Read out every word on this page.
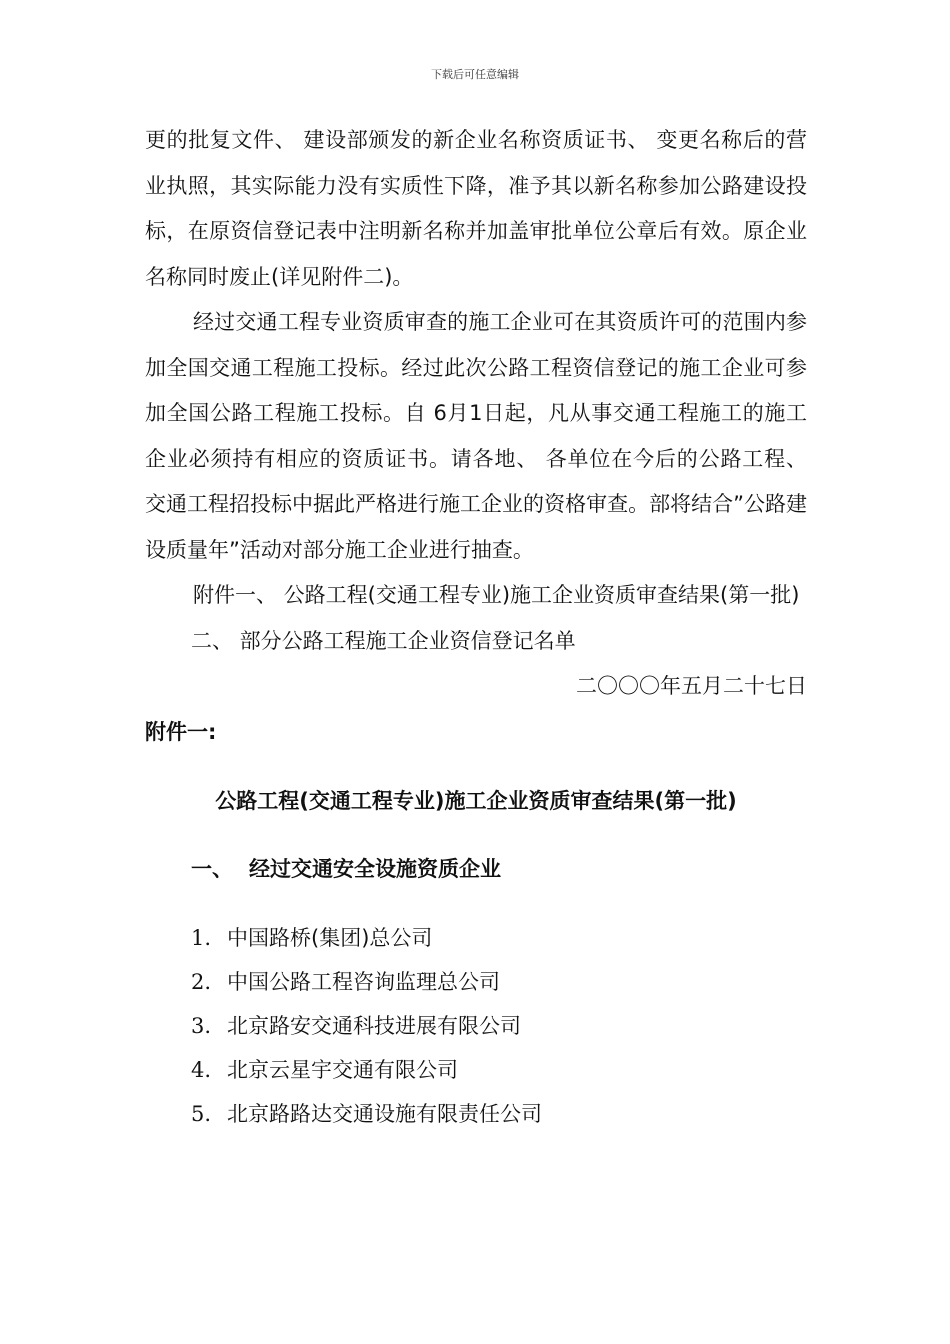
下载后可任意编辑

更的批复文件、 建设部颁发的新企业名称资质证书、 变更名称后的营业执照，其实际能力没有实质性下降，准予其以新名称参加公路建设投标，在原资信登记表中注明新名称并加盖审批单位公章后有效。原企业名称同时废止(详见附件二)。

经过交通工程专业资质审查的施工企业可在其资质许可的范围内参加全国交通工程施工投标。经过此次公路工程资信登记的施工企业可参加全国公路工程施工投标。自 6月1日起，凡从事交通工程施工的施工企业必须持有相应的资质证书。请各地、 各单位在今后的公路工程、 交通工程招投标中据此严格进行施工企业的资格审查。部将结合”公路建设质量年”活动对部分施工企业进行抽查。

附件一、 公路工程(交通工程专业)施工企业资质审查结果(第一批)

二、 部分公路工程施工企业资信登记名单

二〇〇〇年五月二十七日

附件一:

公路工程(交通工程专业)施工企业资质审查结果(第一批)

一、 经过交通安全设施资质企业

1. 中国路桥(集团)总公司
2. 中国公路工程咨询监理总公司
3. 北京路安交通科技进展有限公司
4. 北京云星宇交通有限公司
5. 北京路路达交通设施有限责任公司
